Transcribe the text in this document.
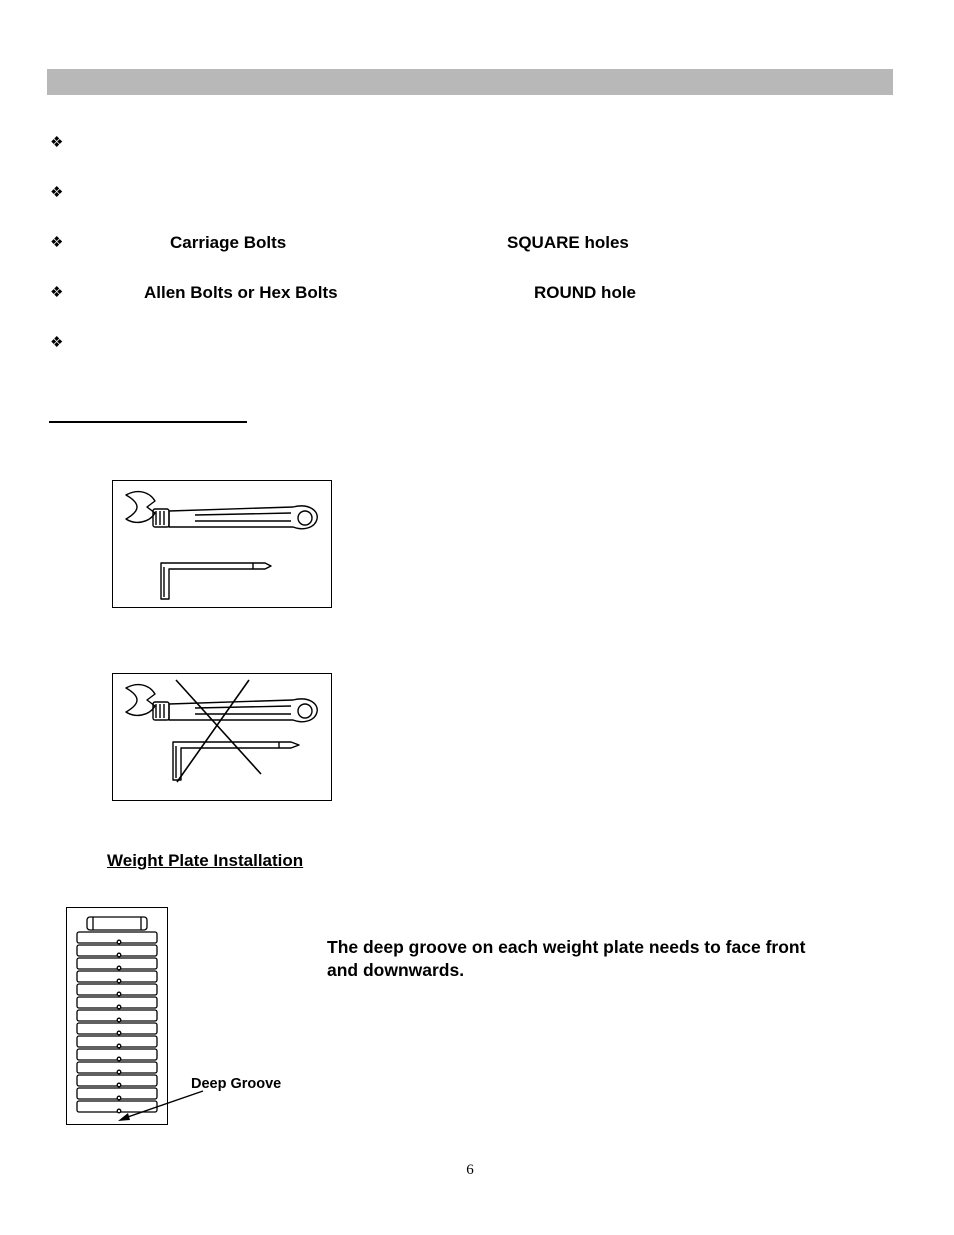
❖
❖
❖	Carriage Bolts	SQUARE holes
❖	Allen Bolts or Hex Bolts	ROUND hole
❖
Weight Plate Installation

The deep groove on each weight plate needs to face front and downwards.

Deep Groove
6
